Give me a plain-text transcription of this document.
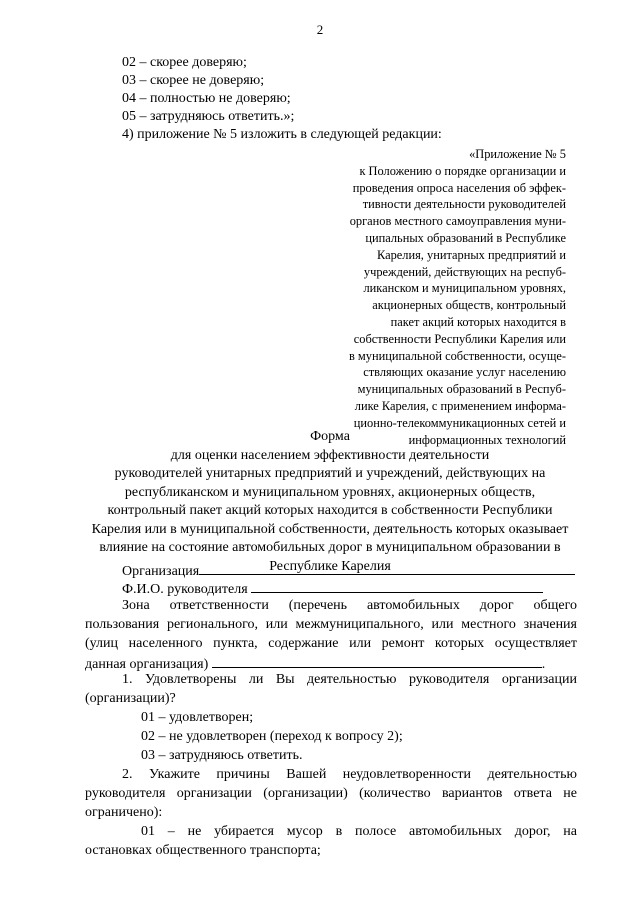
2
02 – скорее доверяю;
03 – скорее не доверяю;
04 – полностью не доверяю;
05 – затрудняюсь ответить.»;
4) приложение № 5 изложить в следующей редакции:
«Приложение № 5
к Положению о порядке организации и
проведения опроса населения об эффек-
тивности деятельности руководителей
органов местного самоуправления муни-
ципальных образований в Республике
Карелия, унитарных предприятий и
учреждений, действующих на респуб-
ликанском и муниципальном уровнях,
акционерных обществ, контрольный
пакет акций которых находится в
собственности Республики Карелия или
в муниципальной собственности, осуще-
ствляющих оказание услуг населению
муниципальных образований в Респуб-
лике Карелия, с применением информа-
ционно-телекоммуникационных сетей и
информационных технологий
Форма
для оценки населением эффективности деятельности
руководителей унитарных предприятий и учреждений, действующих на
республиканском и муниципальном уровнях, акционерных обществ,
контрольный пакет акций которых находится в собственности Республики
Карелия или в муниципальной собственности, деятельность которых оказывает
влияние на состояние автомобильных дорог в муниципальном образовании в
Республике Карелия
Организация
Ф.И.О. руководителя
Зона ответственности (перечень автомобильных дорог общего
пользования регионального, или межмуниципального, или местного значения
(улиц населенного пункта, содержание или ремонт которых осуществляет
данная организация)	.
1. Удовлетворены ли Вы деятельностью руководителя организации
(организации)?
01 – удовлетворен;
02 – не удовлетворен (переход к вопросу 2);
03 – затрудняюсь ответить.
2. Укажите причины Вашей неудовлетворенности деятельностью
руководителя организации (организации) (количество вариантов ответа не
ограничено):
01 – не убирается мусор в полосе автомобильных дорог, на
остановках общественного транспорта;
